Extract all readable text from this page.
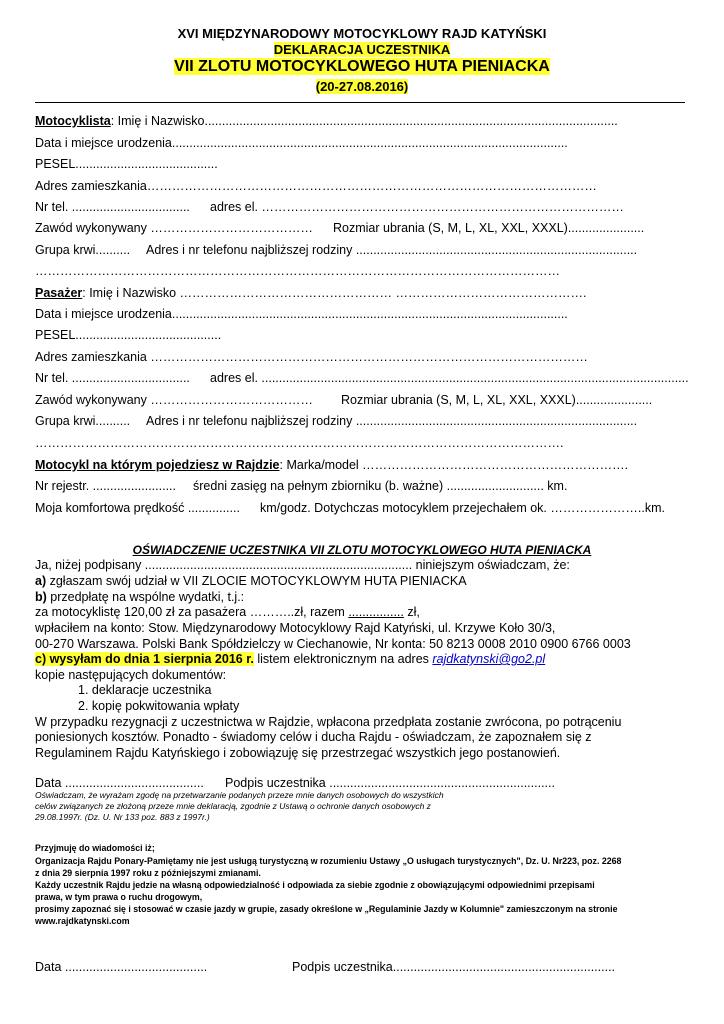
XVI MIĘDZYNARODOWY MOTOCYKLOWY RAJD KATYŃSKI
DEKLARACJA UCZESTNIKA
VII ZLOTU MOTOCYKLOWEGO HUTA PIENIACKA
(20-27.08.2016)
Motocyklista: Imię i Nazwisko.......................................................................................................................
Data i miejsce urodzenia..................................................................................................................
PESEL.........................................
Adres zamieszkania………………………………………………………………………………………………
Nr tel. .................................. adres el. ……………………………………………………………………………
Zawód wykonywany ………………………………… Rozmiar ubrania (S, M, L, XL, XXL, XXXL)......................
Grupa krwi.......... Adres i nr telefonu najbliższej rodziny .................................................................................
………………………………………………………………………………………………………………
Pasażer: Imię i Nazwisko …………………………………………… ……………………………………….
Data i miejsce urodzenia..................................................................................................................
PESEL..........................................
Adres zamieszkania ……………………………………………………………………………………………
Nr tel. .................................. adres el. ...........................................................................................................................
Zawód wykonywany ………………………………… Rozmiar ubrania (S, M, L, XL, XXL, XXXL)......................
Grupa krwi.......... Adres i nr telefonu najbliższej rodziny .................................................................................
……………………………………………………………………………………………………………….
Motocykl na którym pojedziesz w Rajdzie: Marka/model ……………………………………………………….
Nr rejestr. ........................ średni zasięg na pełnym zbiorniku (b. ważne) ............................ km.
Moja komfortowa prędkość ............... km/godz. Dotychczas motocyklem przejechałem ok. …………………..km.
OŚWIADCZENIE UCZESTNIKA VII ZLOTU MOTOCYKLOWEGO HUTA PIENIACKA
Ja, niżej podpisany ............................................................................. niniejszym oświadczam, że:
a) zgłaszam swój udział w VII ZLOCIE MOTOCYKLOWYM HUTA PIENIACKA
b) przedpłatę na wspólne wydatki, t.j.:
za motocyklistę 120,00 zł za pasażera ………..zł, razem ................ zł,
wpłaciłem na konto: Stow. Międzynarodowy Motocyklowy Rajd Katyński, ul. Krzywe Koło 30/3,
00-270 Warszawa. Polski Bank Spółdzielczy w Ciechanowie, Nr konta: 50 8213 0008 2010 0900 6766 0003
c) wysyłam do dnia 1 sierpnia 2016 r. listem elektronicznym na adres rajdkatynski@go2.pl
kopie następujących dokumentów:
1. deklaracje uczestnika
2. kopię pokwitowania wpłaty
W przypadku rezygnacji z uczestnictwa w Rajdzie, wpłacona przedpłata zostanie zwrócona, po potrąceniu
poniesionych kosztów. Ponadto - świadomy celów i ducha Rajdu - oświadczam, że zapoznałem się z
Regulaminem Rajdu Katyńskiego i zobowiązuję się przestrzegać wszystkich jego postanowień.
Data ........................................ Podpis uczestnika .................................................................
Oświadczam, że wyrażam zgodę na przetwarzanie podanych przeze mnie danych osobowych do wszystkich
celów związanych ze złożoną przeze mnie deklaracją, zgodnie z Ustawą o ochronie danych osobowych z
29.08.1997r. (Dz. U. Nr 133 poz. 883 z 1997r.)
Przyjmuję do wiadomości iż;
Organizacja Rajdu Ponary-Pamiętamy nie jest usługą turystyczną w rozumieniu Ustawy „O usługach turystycznych", Dz. U. Nr223, poz. 2268
z dnia 29 sierpnia 1997 roku z późniejszymi zmianami.
Każdy uczestnik Rajdu jedzie na własną odpowiedzialność i odpowiada za siebie zgodnie z obowiązującymi odpowiednimi przepisami
prawa, w tym prawa o ruchu drogowym,
prosimy zapoznać się i stosować w czasie jazdy w grupie, zasady określone w „Regulaminie Jazdy w Kolumnie" zamieszczonym na stronie
www.rajdkatynski.com
Data .........................................	Podpis uczestnika................................................................
